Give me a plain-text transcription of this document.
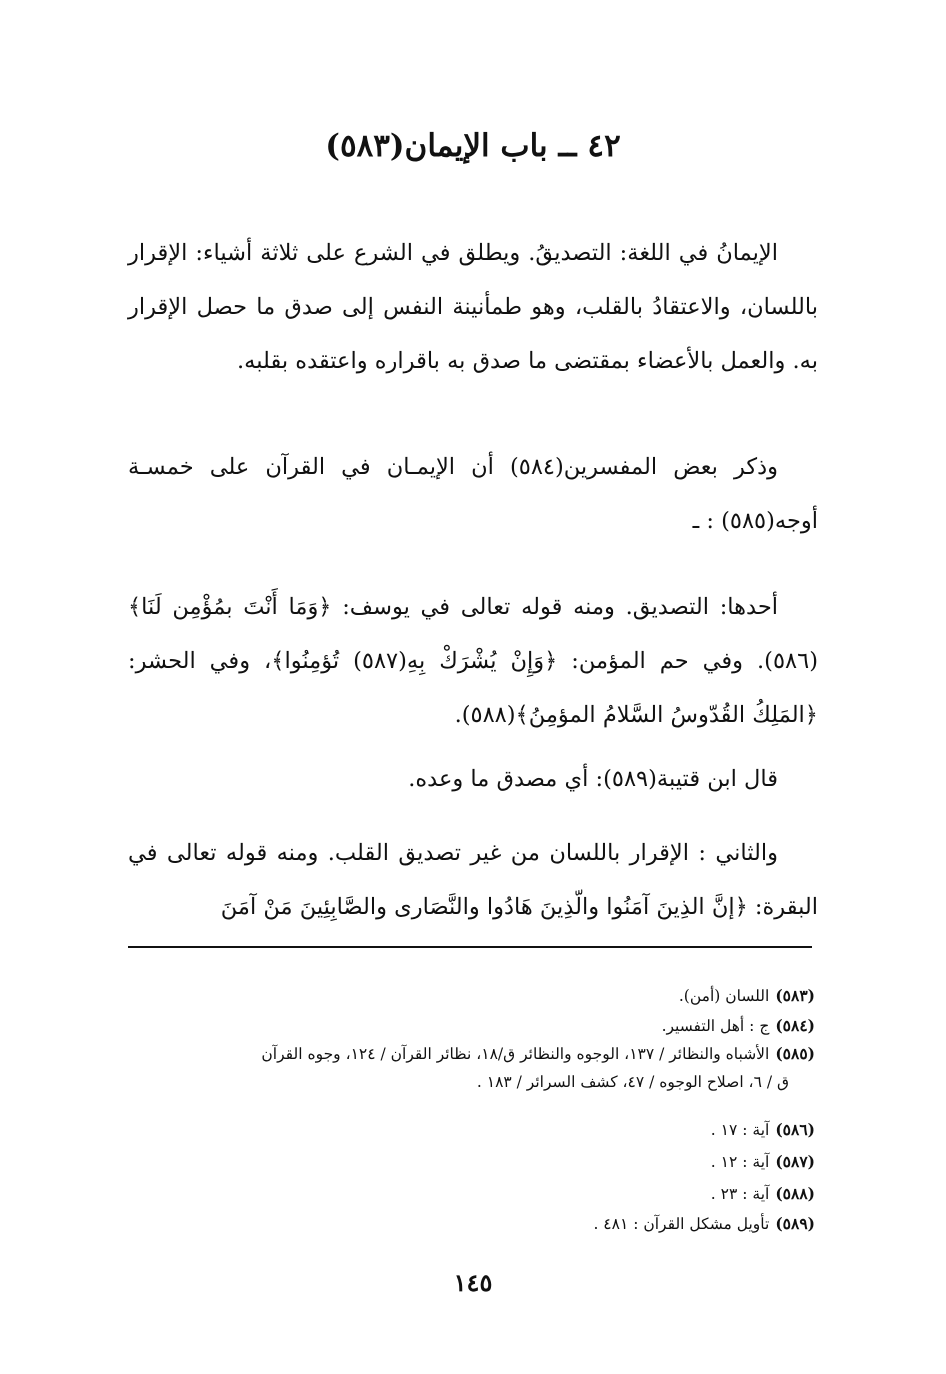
٤٢ ــ باب الإيمان(٥٨٣)

الإيمانُ في اللغة: التصديقُ. ويطلق في الشرع على ثلاثة أشياء: الإقرار باللسان، والاعتقادُ بالقلب، وهو طمأنينة النفس إلى صدق ما حصل الإقرار به. والعمل بالأعضاء بمقتضى ما صدق به باقراره واعتقده بقلبه.

وذكر بعض المفسرين(٥٨٤) أن الإيمـان في القرآن على خمسـة أوجه(٥٨٥) : ـ

أحدها: التصديق. ومنه قوله تعالى في يوسف: ﴿وَمَا أَنْتَ بمُؤْمِن لَنَا﴾(٥٨٦). وفي حم المؤمن: ﴿وَإِنْ يُشْرَكْ بِهِ(٥٨٧) تُؤمِنُوا﴾، وفي الحشر: ﴿المَلِكُ القُدّوسُ السَّلامُ المؤمِنُ﴾(٥٨٨).

قال ابن قتيبة(٥٨٩): أي مصدق ما وعده.

والثاني : الإقرار باللسان من غير تصديق القلب. ومنه قوله تعالى في البقرة: ﴿إنَّ الذِينَ آمَنُوا والّذِينَ هَادُوا والنَّصَارى والصَّابِئِينَ مَنْ آمَنَ

(٥٨٣)اللسان (أمن).

(٥٨٤)ج : أهل التفسير.

(٥٨٥)الأشباه والنظائر / ١٣٧، الوجوه والنظائر ق/١٨، نظائر القرآن / ١٢٤، وجوه القرآن

ق / ٦، اصلاح الوجوه / ٤٧، كشف السرائر / ١٨٣ .

(٥٨٦)آية : ١٧ .

(٥٨٧)آية : ١٢ .

(٥٨٨)آية : ٢٣ .

(٥٨٩)تأويل مشكل القرآن : ٤٨١ .

١٤٥
